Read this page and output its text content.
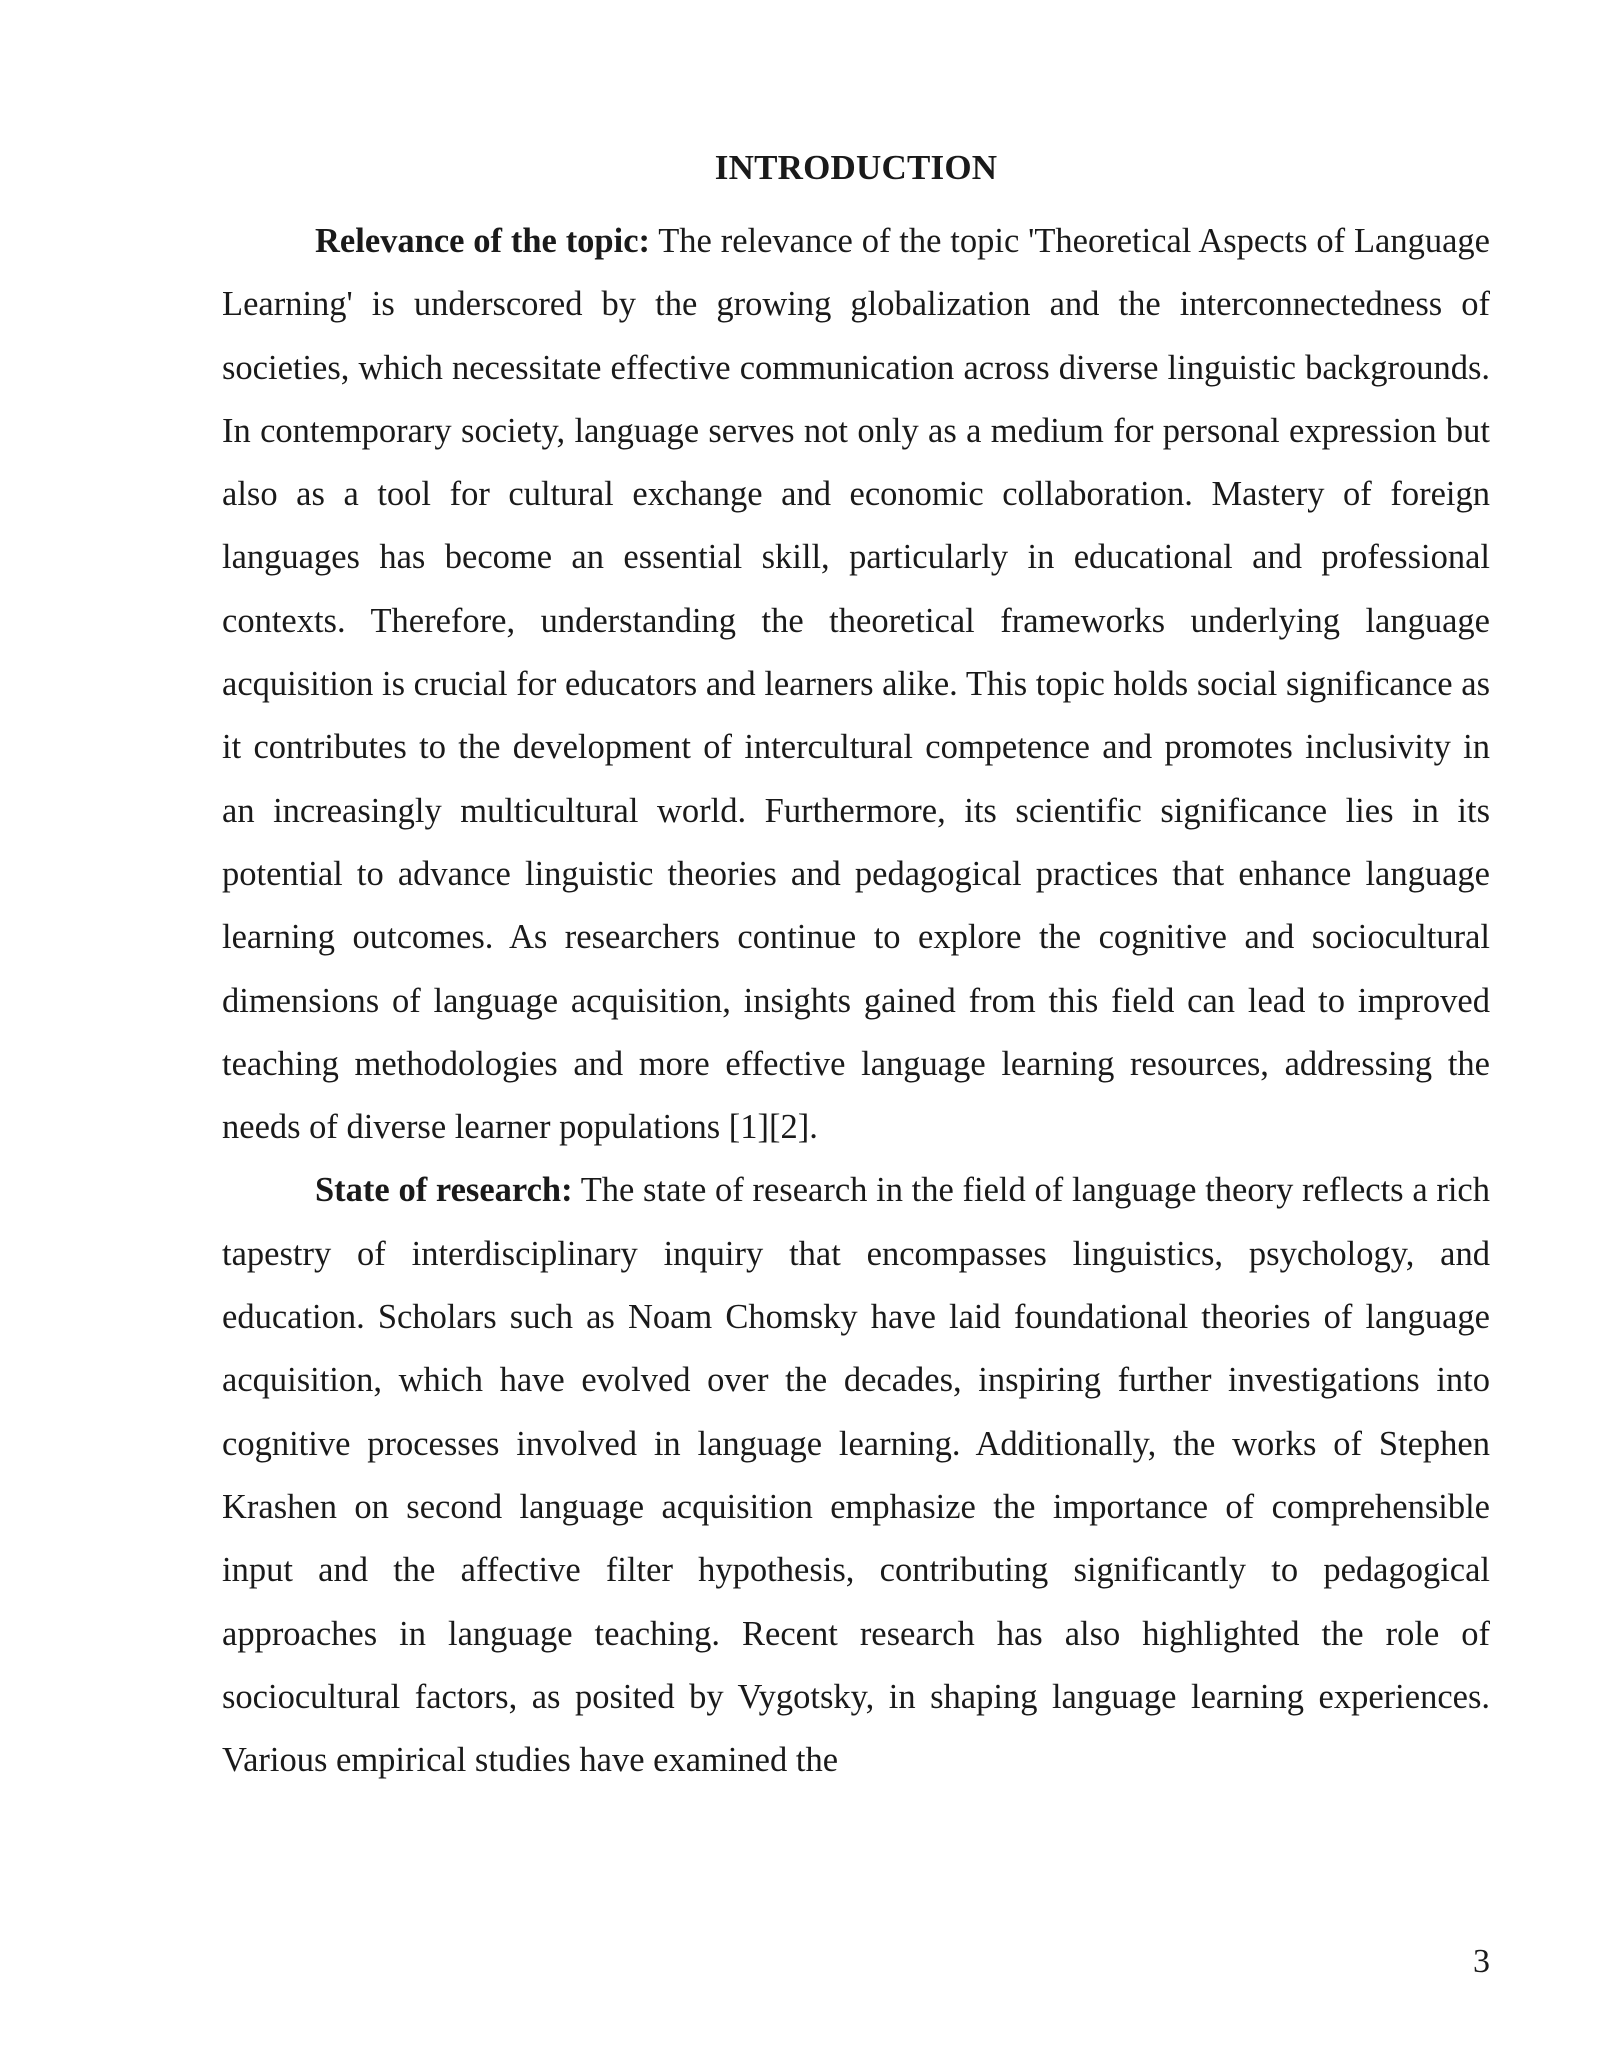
INTRODUCTION

Relevance of the topic: The relevance of the topic 'Theoretical Aspects of Language Learning' is underscored by the growing globalization and the interconnectedness of societies, which necessitate effective communication across diverse linguistic backgrounds. In contemporary society, language serves not only as a medium for personal expression but also as a tool for cultural exchange and economic collaboration. Mastery of foreign languages has become an essential skill, particularly in educational and professional contexts. Therefore, understanding the theoretical frameworks underlying language acquisition is crucial for educators and learners alike. This topic holds social significance as it contributes to the development of intercultural competence and promotes inclusivity in an increasingly multicultural world. Furthermore, its scientific significance lies in its potential to advance linguistic theories and pedagogical practices that enhance language learning outcomes. As researchers continue to explore the cognitive and sociocultural dimensions of language acquisition, insights gained from this field can lead to improved teaching methodologies and more effective language learning resources, addressing the needs of diverse learner populations [1][2].

State of research: The state of research in the field of language theory reflects a rich tapestry of interdisciplinary inquiry that encompasses linguistics, psychology, and education. Scholars such as Noam Chomsky have laid foundational theories of language acquisition, which have evolved over the decades, inspiring further investigations into cognitive processes involved in language learning. Additionally, the works of Stephen Krashen on second language acquisition emphasize the importance of comprehensible input and the affective filter hypothesis, contributing significantly to pedagogical approaches in language teaching. Recent research has also highlighted the role of sociocultural factors, as posited by Vygotsky, in shaping language learning experiences. Various empirical studies have examined the

3
